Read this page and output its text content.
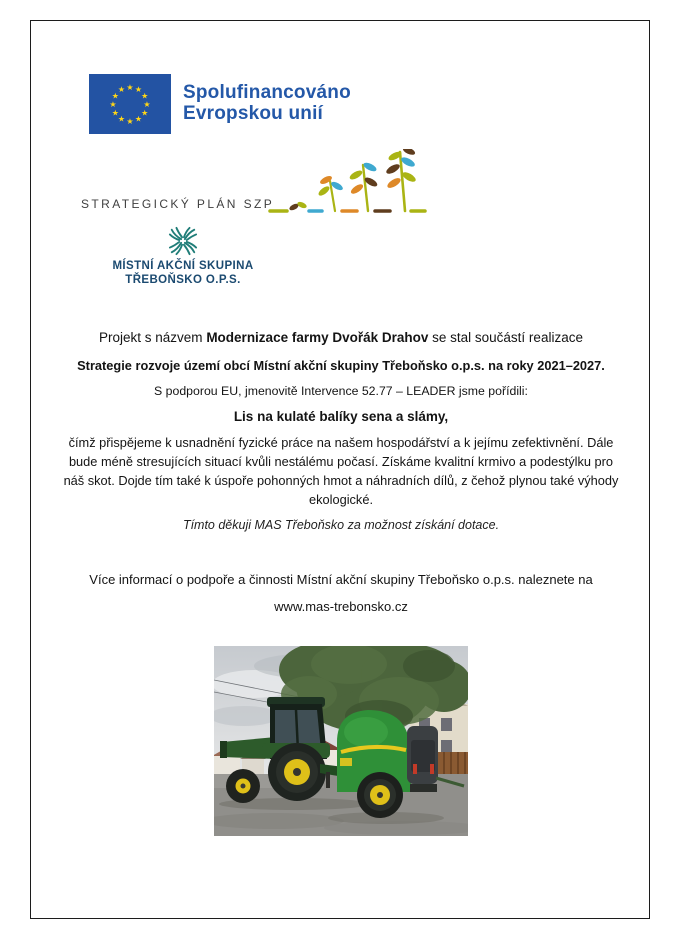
★ ★
★
★
★
★
★
★
★
★
★
★	Spolufinancováno
Evropskou unií
STRATEGICKÝ PLÁN SZP
MÍSTNÍ AKČNÍ SKUPINA
TŘEBOŇSKO O.P.S.

Projekt s názvem Modernizace farmy Dvořák Drahov se stal součástí realizace

Strategie rozvoje území obcí Místní akční skupiny Třeboňsko o.p.s. na roky 2021–2027.

S podporou EU, jmenovitě Intervence 52.77 – LEADER jsme pořídili:

Lis na kulaté balíky sena a slámy,

čímž přispějeme k usnadnění fyzické práce na našem hospodářství a k jejímu zefektivnění. Dále bude méně stresujících situací kvůli nestálému počasí. Získáme kvalitní krmivo a podestýlku pro náš skot. Dojde tím také k úspoře pohonných hmot a náhradních dílů, z čehož plynou také výhody ekologické.

Tímto děkuji MAS Třeboňsko za možnost získání dotace.

Více informací o podpoře a činnosti Místní akční skupiny Třeboňsko o.p.s. naleznete na

www.mas-trebonsko.cz
